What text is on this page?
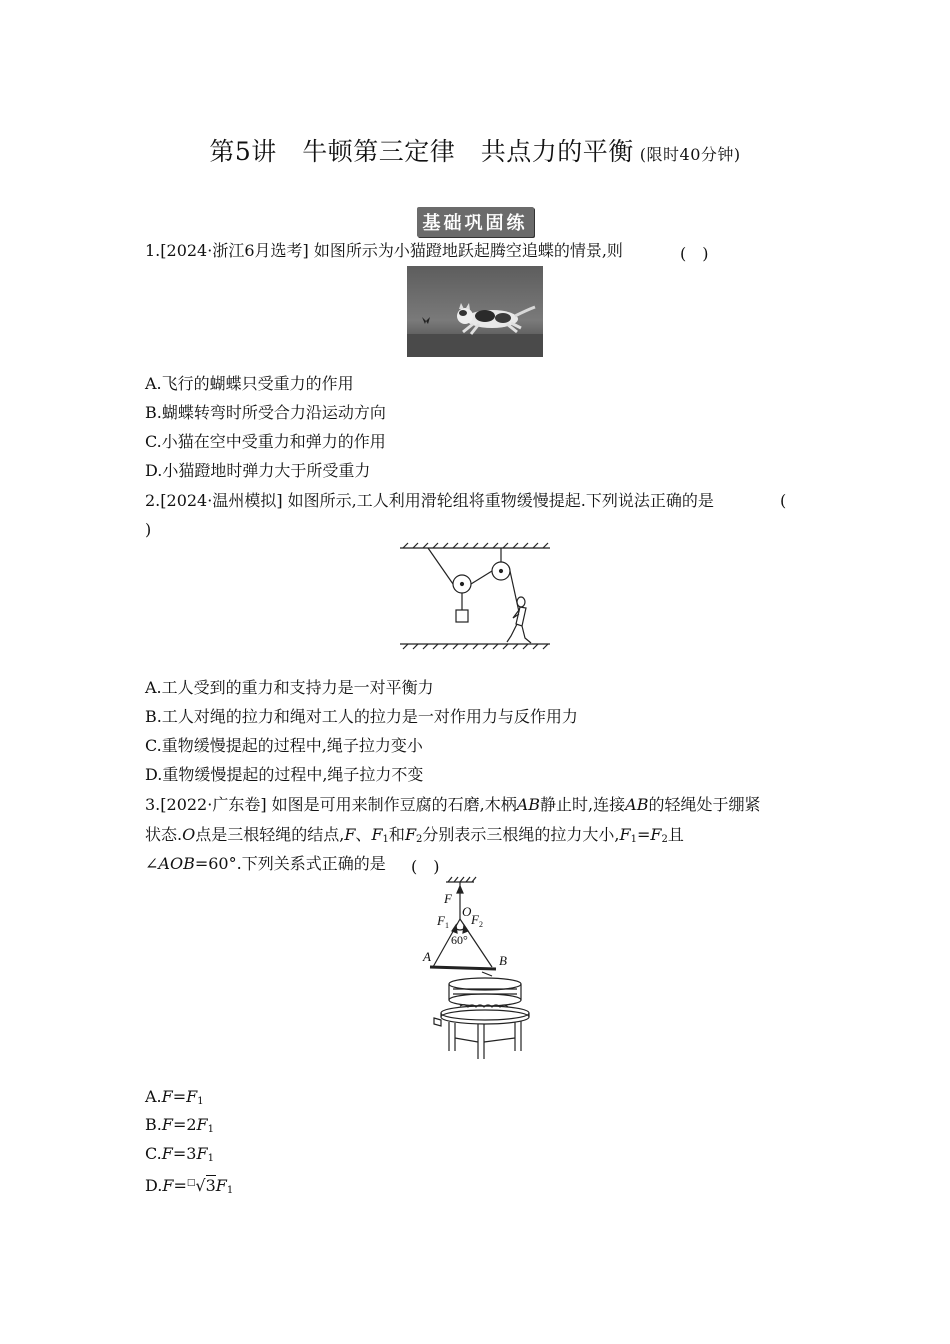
第5讲　牛顿第三定律　共点力的平衡 (限时40分钟)
基础巩固练
1.[2024·浙江6月选考] 如图所示为小猫蹬地跃起腾空追蝶的情景,则	(　)
A.飞行的蝴蝶只受重力的作用
B.蝴蝶转弯时所受合力沿运动方向
C.小猫在空中受重力和弹力的作用
D.小猫蹬地时弹力大于所受重力
2.[2024·温州模拟] 如图所示,工人利用滑轮组将重物缓慢提起.下列说法正确的是	(
)
A.工人受到的重力和支持力是一对平衡力
B.工人对绳的拉力和绳对工人的拉力是一对作用力与反作用力
C.重物缓慢提起的过程中,绳子拉力变小
D.重物缓慢提起的过程中,绳子拉力不变
3.[2022·广东卷] 如图是可用来制作豆腐的石磨,木柄AB静止时,连接AB的轻绳处于绷紧
状态.O点是三根轻绳的结点,F、$F_1$和$F_2$分别表示三根绳的拉力大小$,F_1=F_2$且
∠AOB=60°.下列关系式正确的是 (　)
F
F 1 F 2
O
60°
A	B
$A.F=F_1$
$B.F=2F_1$
$C.F=3F_1$
$D.F=^□√3F_1$
